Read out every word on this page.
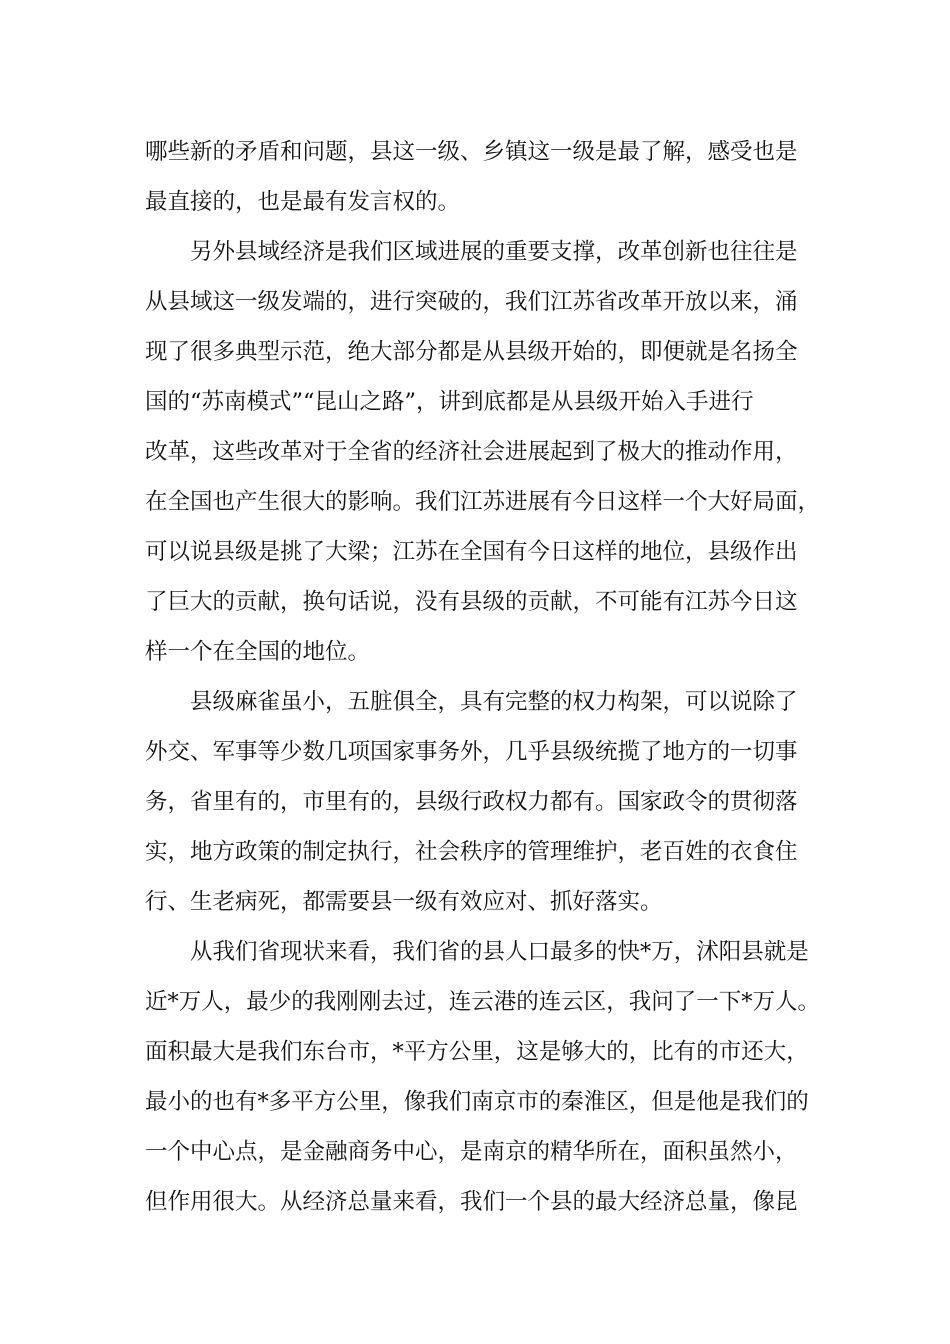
哪些新的矛盾和问题，县这一级、乡镇这一级是最了解，感受也是
最直接的，也是最有发言权的。
另外县域经济是我们区域进展的重要支撑，改革创新也往往是
从县域这一级发端的，进行突破的，我们江苏省改革开放以来，涌
现了很多典型示范，绝大部分都是从县级开始的，即便就是名扬全
国的“苏南模式”“昆山之路”，讲到底都是从县级开始入手进行
改革，这些改革对于全省的经济社会进展起到了极大的推动作用，
在全国也产生很大的影响。我们江苏进展有今日这样一个大好局面，
可以说县级是挑了大梁；江苏在全国有今日这样的地位，县级作出
了巨大的贡献，换句话说，没有县级的贡献，不可能有江苏今日这
样一个在全国的地位。
县级麻雀虽小，五脏俱全，具有完整的权力构架，可以说除了
外交、军事等少数几项国家事务外，几乎县级统揽了地方的一切事
务，省里有的，市里有的，县级行政权力都有。国家政令的贯彻落
实，地方政策的制定执行，社会秩序的管理维护，老百姓的衣食住
行、生老病死，都需要县一级有效应对、抓好落实。
从我们省现状来看，我们省的县人口最多的快*万，沭阳县就是
近*万人，最少的我刚刚去过，连云港的连云区，我问了一下*万人。
面积最大是我们东台市，*平方公里，这是够大的，比有的市还大，
最小的也有*多平方公里，像我们南京市的秦淮区，但是他是我们的
一个中心点，是金融商务中心，是南京的精华所在，面积虽然小，
但作用很大。从经济总量来看，我们一个县的最大经济总量，像昆
